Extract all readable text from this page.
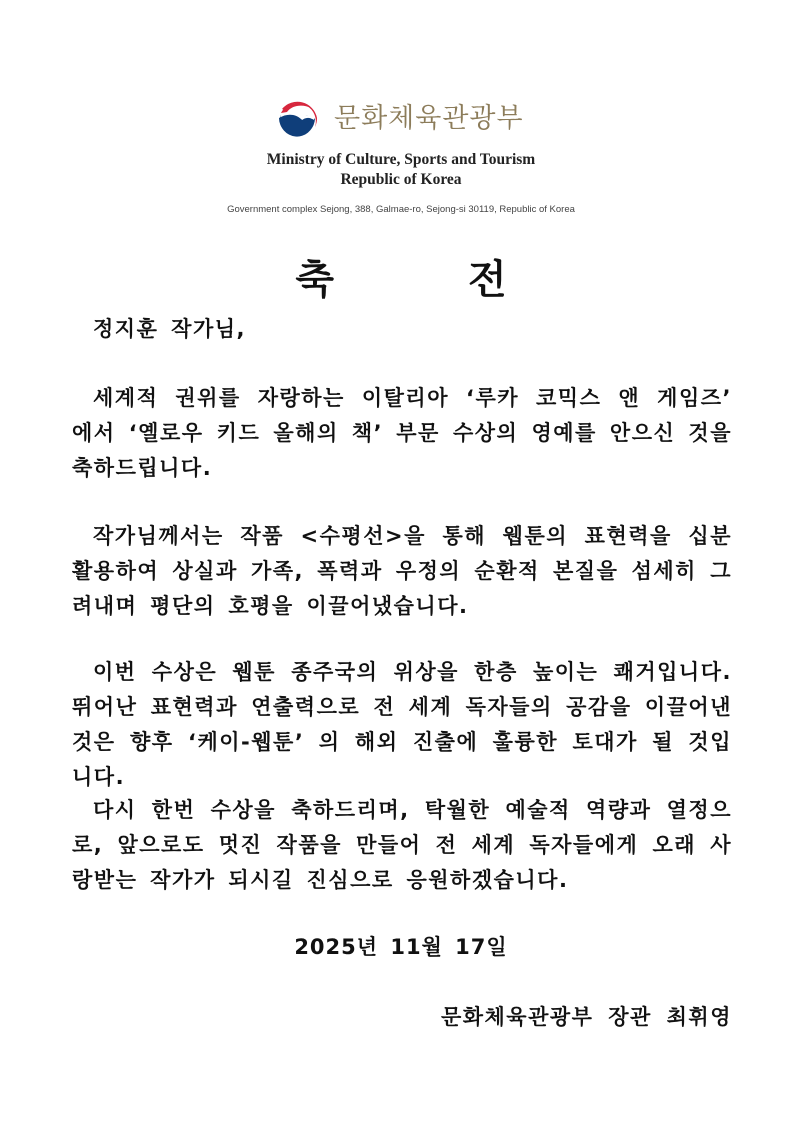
문화체육관광부
Ministry of Culture, Sports and Tourism
Republic of Korea
Government complex Sejong, 388, Galmae-ro, Sejong-si 30119, Republic of Korea
축 전
정지훈 작가님,
세계적 권위를 자랑하는 이탈리아 ‘루카 코믹스 앤 게임즈’ 에서 ‘옐로우 키드 올해의 책’ 부문 수상의 영예를 안으신 것을 축하드립니다.
작가님께서는 작품 <수평선>을 통해 웹툰의 표현력을 십분 활용하여 상실과 가족, 폭력과 우정의 순환적 본질을 섬세히 그려내며 평단의 호평을 이끌어냈습니다.
이번 수상은 웹툰 종주국의 위상을 한층 높이는 쾌거입니다. 뛰어난 표현력과 연출력으로 전 세계 독자들의 공감을 이끌어낸 것은 향후 ‘케이-웹툰’ 의 해외 진출에 훌륭한 토대가 될 것입니다.
다시 한번 수상을 축하드리며, 탁월한 예술적 역량과 열정으로, 앞으로도 멋진 작품을 만들어 전 세계 독자들에게 오래 사랑받는 작가가 되시길 진심으로 응원하겠습니다.
2025년 11월 17일
문화체육관광부 장관 최휘영
